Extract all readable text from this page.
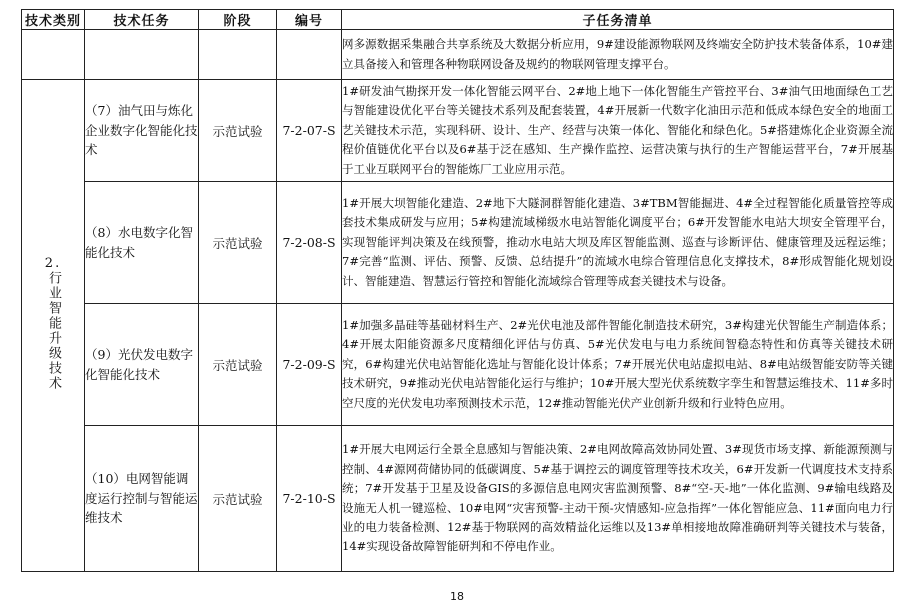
技术类别	技术任务	阶段	编号	子任务清单
				网多源数据采集融合共享系统及大数据分析应用，9#建设能源物联网及终端安全防护技术装备体系，10#建立具备接入和管理各种物联网设备及规约的物联网管理支撑平台。
2.行业智能升级技术	（7）油气田与炼化企业数字化智能化技术	示范试验	7-2-07-S	1#研发油气勘探开发一体化智能云网平台、2#地上地下一体化智能生产管控平台、3#油气田地面绿色工艺与智能建设优化平台等关键技术系列及配套装置，4#开展新一代数字化油田示范和低成本绿色安全的地面工艺关键技术示范，实现科研、设计、生产、经营与决策一体化、智能化和绿色化。5#搭建炼化企业资源全流程价值链优化平台以及6#基于泛在感知、生产操作监控、运营决策与执行的生产智能运营平台，7#开展基于工业互联网平台的智能炼厂工业应用示范。
	（8）水电数字化智能化技术	示范试验	7-2-08-S	1#开展大坝智能化建造、2#地下大隧洞群智能化建造、3#TBM智能掘进、4#全过程智能化质量管控等成套技术集成研发与应用；5#构建流域梯级水电站智能化调度平台；6#开发智能水电站大坝安全管理平台，实现智能评判决策及在线预警，推动水电站大坝及库区智能监测、巡查与诊断评估、健康管理及远程运维；7#完善“监测、评估、预警、反馈、总结提升”的流域水电综合管理信息化支撑技术，8#形成智能化规划设计、智能建造、智慧运行管控和智能化流域综合管理等成套关键技术与设备。
	（9）光伏发电数字化智能化技术	示范试验	7-2-09-S	1#加强多晶硅等基础材料生产、2#光伏电池及部件智能化制造技术研究，3#构建光伏智能生产制造体系；4#开展太阳能资源多尺度精细化评估与仿真、5#光伏发电与电力系统间智稳态特性和仿真等关键技术研究，6#构建光伏电站智能化选址与智能化设计体系；7#开展光伏电站虚拟电站、8#电站级智能安防等关键技术研究，9#推动光伏电站智能化运行与维护；10#开展大型光伏系统数字孪生和智慧运维技术、11#多时空尺度的光伏发电功率预测技术示范，12#推动智能光伏产业创新升级和行业特色应用。
	（10）电网智能调度运行控制与智能运维技术	示范试验	7-2-10-S	1#开展大电网运行全景全息感知与智能决策、2#电网故障高效协同处置、3#现货市场支撑、新能源预测与控制、4#源网荷储协同的低碳调度、5#基于调控云的调度管理等技术攻关，6#开发新一代调度技术支持系统；7#开发基于卫星及设备GIS的多源信息电网灾害监测预警、8#“空-天-地”一体化监测、9#输电线路及设施无人机一键巡检、10#电网“灾害预警-主动干预-灾情感知-应急指挥”一体化智能应急、11#面向电力行业的电力装备检测、12#基于物联网的高效精益化运维以及13#单相接地故障准确研判等关键技术与装备，14#实现设备故障智能研判和不停电作业。
18
